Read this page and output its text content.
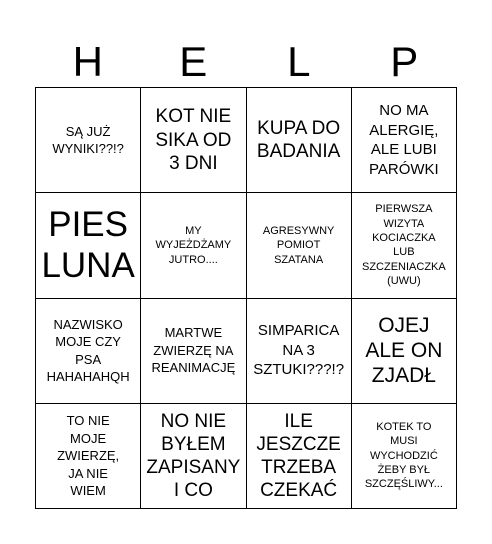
H	E	L	P
SĄ JUŻ
WYNIKI??!?
KOT NIE
SIKA OD
3 DNI
KUPA DO
BADANIA
NO MA
ALERGIĘ,
ALE LUBI
PARÓWKI
PIES
LUNA
MY
WYJEŻDŻAMY
JUTRO....
AGRESYWNY
POMIOT
SZATANA
PIERWSZA
WIZYTA
KOCIACZKA
LUB
SZCZENIACZKA
(UWU)
NAZWISKO
MOJE CZY
PSA
HAHAHAHQH
MARTWE
ZWIERZĘ NA
REANIMACJĘ
SIMPARICA
NA 3
SZTUKI???!?
OJEJ
ALE ON
ZJADŁ
TO NIE
MOJE
ZWIERZĘ,
JA NIE
WIEM
NO NIE
BYŁEM
ZAPISANY
I CO
ILE
JESZCZE
TRZEBA
CZEKAĆ
KOTEK TO
MUSI
WYCHODZIĆ
ŻEBY BYŁ
SZCZĘŚLIWY...
